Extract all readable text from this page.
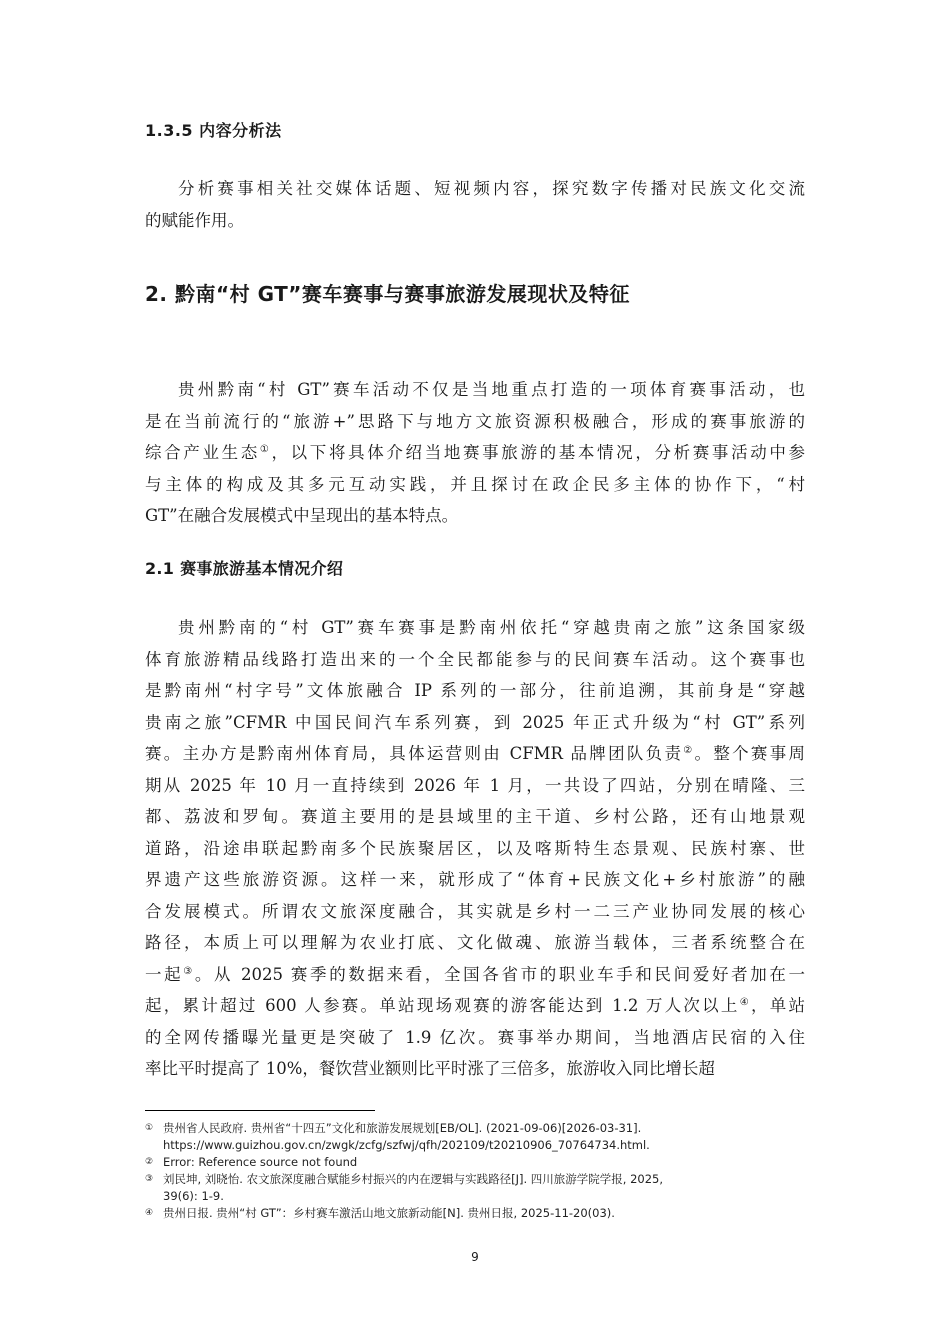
1.3.5 内容分析法
分析赛事相关社交媒体话题、短视频内容，探究数字传播对民族文化交流
的赋能作用。
2. 黔南“村 GT”赛车赛事与赛事旅游发展现状及特征
贵州黔南“村 GT”赛车活动不仅是当地重点打造的一项体育赛事活动，也
是在当前流行的“旅游+”思路下与地方文旅资源积极融合，形成的赛事旅游的
综合产业生态①，以下将具体介绍当地赛事旅游的基本情况，分析赛事活动中参
与主体的构成及其多元互动实践，并且探讨在政企民多主体的协作下，“村
GT”在融合发展模式中呈现出的基本特点。
2.1 赛事旅游基本情况介绍
贵州黔南的“村 GT”赛车赛事是黔南州依托“穿越贵南之旅”这条国家级
体育旅游精品线路打造出来的一个全民都能参与的民间赛车活动。这个赛事也
是黔南州“村字号”文体旅融合 IP 系列的一部分，往前追溯，其前身是“穿越
贵南之旅”CFMR 中国民间汽车系列赛，到 2025 年正式升级为“村 GT”系列
赛。主办方是黔南州体育局，具体运营则由 CFMR 品牌团队负责②。整个赛事周
期从 2025 年 10 月一直持续到 2026 年 1 月，一共设了四站，分别在晴隆、三
都、荔波和罗甸。赛道主要用的是县域里的主干道、乡村公路，还有山地景观
道路，沿途串联起黔南多个民族聚居区，以及喀斯特生态景观、民族村寨、世
界遗产这些旅游资源。这样一来，就形成了“体育+民族文化+乡村旅游”的融
合发展模式。所谓农文旅深度融合，其实就是乡村一二三产业协同发展的核心
路径，本质上可以理解为农业打底、文化做魂、旅游当载体，三者系统整合在
一起③。从 2025 赛季的数据来看，全国各省市的职业车手和民间爱好者加在一
起，累计超过 600 人参赛。单站现场观赛的游客能达到 1.2 万人次以上④，单站
的全网传播曝光量更是突破了 1.9 亿次。赛事举办期间，当地酒店民宿的入住
率比平时提高了 10%，餐饮营业额则比平时涨了三倍多，旅游收入同比增长超
① 贵州省人民政府. 贵州省“十四五”文化和旅游发展规划[EB/OL]. (2021-09-06)[2026-03-31].
https://www.guizhou.gov.cn/zwgk/zcfg/szfwj/qfh/202109/t20210906_70764734.html.
② Error: Reference source not found
③ 刘民坤, 刘晓怡. 农文旅深度融合赋能乡村振兴的内在逻辑与实践路径[J]. 四川旅游学院学报, 2025,
39(6): 1-9.
④ 贵州日报. 贵州“村 GT”：乡村赛车激活山地文旅新动能[N]. 贵州日报, 2025-11-20(03).
9
